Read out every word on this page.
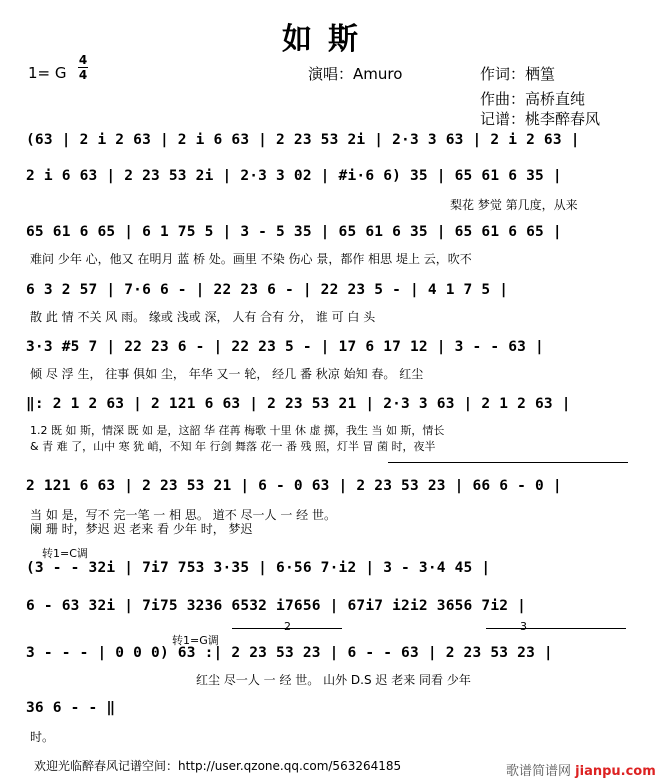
如斯
1= G
4
4	演唱：Amuro	作词：栖篁
作曲：高桥直纯
记谱：桃李醉春风
(63 | 2 i 2 63 | 2 i 6 63 | 2 23 53 2i | 2·3 3 63 | 2 i 2 63 |
2 i 6 63 | 2 23 53 2i | 2·3 3 02 | #i·6 6) 35 | 65 61 6 35 |
梨花 梦觉 第几度，从来
65 61 6 65 | 6 1 75 5 | 3 - 5 35 | 65 61 6 35 | 65 61 6 65 |
难问 少年 心，他又 在明月 蓝 桥 处。画里 不染 伤心 景，都作 相思 堤上 云，吹不
6 3 2 57 | 7·6 6 - | 22 23 6 - | 22 23 5 - | 4 1 7 5 |
散 此 情 不关 风 雨。 缘或 浅或 深， 人有 合有 分， 谁 可 白 头
3·3 #5 7 | 22 23 6 - | 22 23 5 - | 17 6 17 12 | 3 - - 63 |
倾 尽 浮 生， 往事 俱如 尘， 年华 又一 轮， 经几 番 秋凉 始知 春。 红尘
‖: 2 1 2 63 | 2 121 6 63 | 2 23 53 21 | 2·3 3 63 | 2 1 2 63 |
1.2 既 如 斯，情深 既 如 是，这韶 华 荏苒 梅歌 十里 休 虚 掷，我生 当 如 斯，情长
& 青 难 了，山中 寒 犹 峭，不知 年 行剑 舞落 花一 番 残 照，灯半 冒 菌 时，夜半
2 121 6 63 | 2 23 53 21 | 6 - 0 63 | 2 23 53 23 | 66 6 - 0 |
当 如 是，写不 完一笔 一 相 思。 道不 尽一人 一 经 世。
阑 珊 时，梦迟 迟 老来 看 少年 时， 梦迟
转1=C调
(3 - - 32i | 7i7 753 3·35 | 6·56 7·i2 | 3 - 3·4 45 |
6 - 63 32i | 7i75 3236 6532 i7656 | 67i7 i2i2 3656 7i2 |
转1=G调
2	3
3 - - - | 0 0 0) 63 :| 2 23 53 23 | 6 - - 63 | 2 23 53 23 |
红尘 尽一人 一 经 世。 山外 D.S 迟 老来 同看 少年
36 6 - - ‖
时。
欢迎光临醉春风记谱空间：http://user.qzone.qq.com/563264185	歌谱简谱网 jianpu.com
